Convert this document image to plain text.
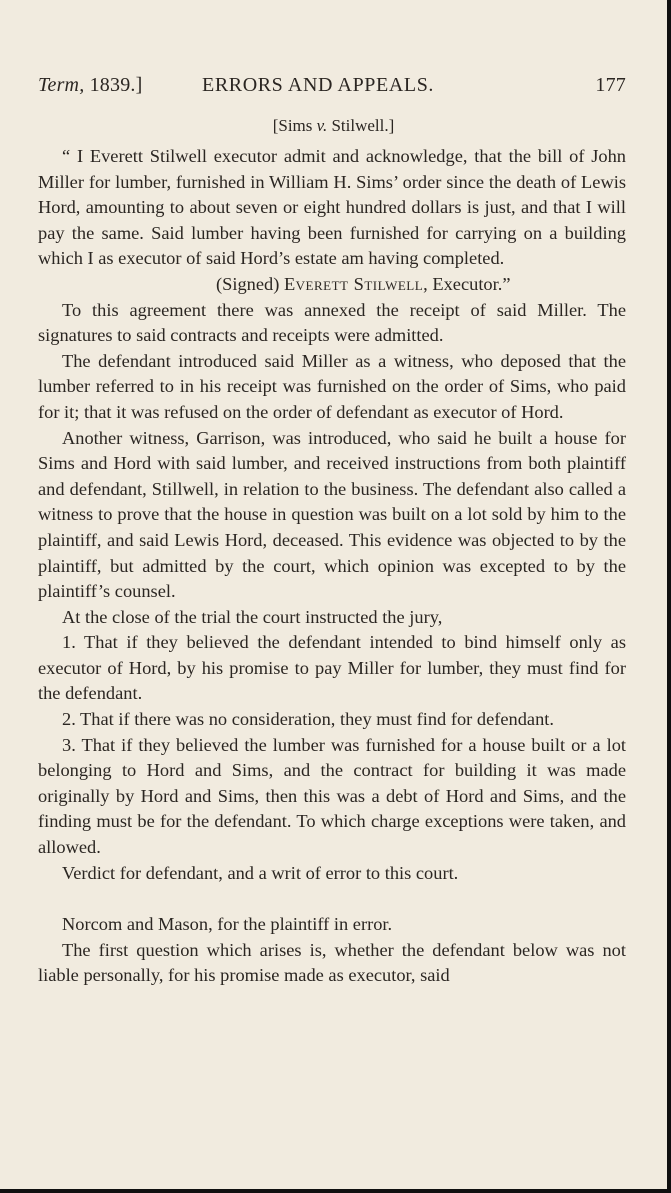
Term, 1839.]	ERRORS AND APPEALS.	177
[Sims v. Stilwell.]

“ I Everett Stilwell executor admit and acknowledge, that the bill of John Miller for lumber, furnished in William H. Sims’ order since the death of Lewis Hord, amounting to about seven or eight hundred dollars is just, and that I will pay the same. Said lumber having been furnished for carrying on a building which I as executor of said Hord’s estate am having completed.

(Signed) Everett Stilwell, Executor.”

To this agreement there was annexed the receipt of said Miller. The signatures to said contracts and receipts were admitted.

The defendant introduced said Miller as a witness, who deposed that the lumber referred to in his receipt was furnished on the order of Sims, who paid for it; that it was refused on the order of defendant as executor of Hord.

Another witness, Garrison, was introduced, who said he built a house for Sims and Hord with said lumber, and received instructions from both plaintiff and defendant, Stillwell, in relation to the business. The defendant also called a witness to prove that the house in question was built on a lot sold by him to the plaintiff, and said Lewis Hord, deceased. This evidence was objected to by the plaintiff, but admitted by the court, which opinion was excepted to by the plaintiff’s counsel.

At the close of the trial the court instructed the jury,

1. That if they believed the defendant intended to bind himself only as executor of Hord, by his promise to pay Miller for lumber, they must find for the defendant.

2. That if there was no consideration, they must find for defendant.

3. That if they believed the lumber was furnished for a house built or a lot belonging to Hord and Sims, and the contract for building it was made originally by Hord and Sims, then this was a debt of Hord and Sims, and the finding must be for the defendant. To which charge exceptions were taken, and allowed.

Verdict for defendant, and a writ of error to this court.

Norcom and Mason, for the plaintiff in error.

The first question which arises is, whether the defendant below was not liable personally, for his promise made as executor, said
